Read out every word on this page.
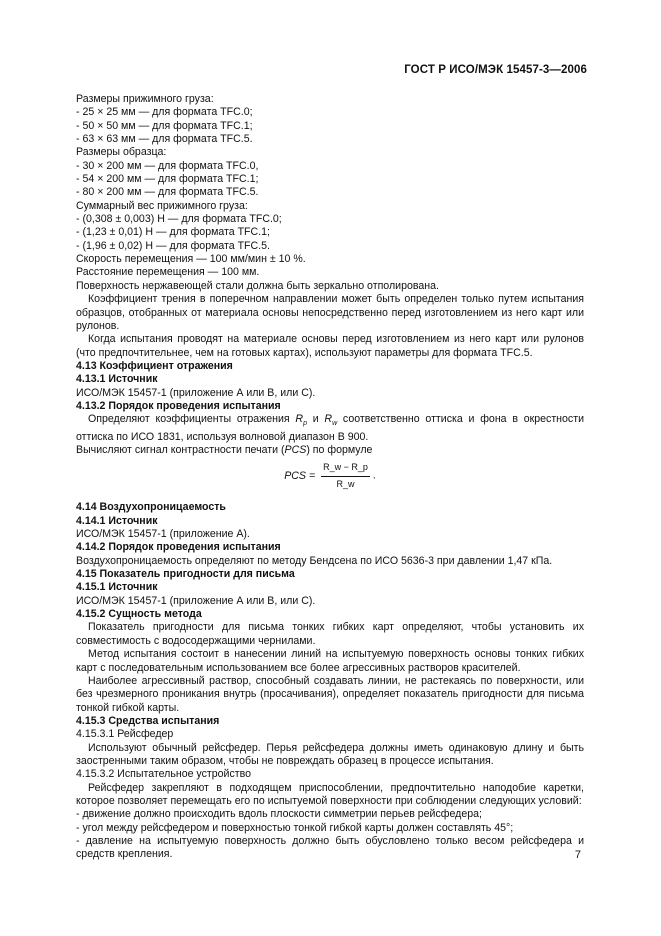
ГОСТ Р ИСО/МЭК 15457-3—2006

Размеры прижимного груза:

- 25 × 25 мм — для формата TFC.0;

- 50 × 50 мм — для формата TFC.1;

- 63 × 63 мм — для формата TFC.5.

Размеры образца:

- 30 × 200 мм — для формата TFC.0,

- 54 × 200 мм — для формата TFC.1;

- 80 × 200 мм — для формата TFC.5.

Суммарный вес прижимного груза:

- (0,308 ± 0,003) Н — для формата TFC.0;

- (1,23 ± 0,01) Н — для формата TFC.1;

- (1,96 ± 0,02) Н — для формата TFC.5.

Скорость перемещения — 100 мм/мин ± 10 %.

Расстояние перемещения — 100 мм.

Поверхность нержавеющей стали должна быть зеркально отполирована.

Коэффициент трения в поперечном направлении может быть определен только путем испытания образцов, отобранных от материала основы непосредственно перед изготовлением из него карт или рулонов.

Когда испытания проводят на материале основы перед изготовлением из него карт или рулонов (что предпочтительнее, чем на готовых картах), используют параметры для формата TFC.5.

4.13 Коэффициент отражения

4.13.1 Источник

ИСО/МЭК 15457-1 (приложение А или В, или С).

4.13.2 Порядок проведения испытания

Определяют коэффициенты отражения $R_p$ и $R_w$ соответственно оттиска и фона в окрестности оттиска по ИСО 1831, используя волновой диапазон В 900.

Вычисляют сигнал контрастности печати (PCS) по формуле

PCS = $\frac{R\_w - R\_p}{R\_w}$ .

4.14 Воздухопроницаемость

4.14.1 Источник

ИСО/МЭК 15457-1 (приложение А).

4.14.2 Порядок проведения испытания

Воздухопроницаемость определяют по методу Бендсена по ИСО 5636-3 при давлении 1,47 кПа.

4.15 Показатель пригодности для письма

4.15.1 Источник

ИСО/МЭК 15457-1 (приложение А или В, или С).

4.15.2 Сущность метода

Показатель пригодности для письма тонких гибких карт определяют, чтобы установить их совместимость с водосодержащими чернилами.

Метод испытания состоит в нанесении линий на испытуемую поверхность основы тонких гибких карт с последовательным использованием все более агрессивных растворов красителей.

Наиболее агрессивный раствор, способный создавать линии, не растекаясь по поверхности, или без чрезмерного проникания внутрь (просачивания), определяет показатель пригодности для письма тонкой гибкой карты.

4.15.3 Средства испытания

4.15.3.1 Рейсфедер

Используют обычный рейсфедер. Перья рейсфедера должны иметь одинаковую длину и быть заостренными таким образом, чтобы не повреждать образец в процессе испытания.

4.15.3.2 Испытательное устройство

Рейсфедер закрепляют в подходящем приспособлении, предпочтительно наподобие каретки, которое позволяет перемещать его по испытуемой поверхности при соблюдении следующих условий:

- движение должно происходить вдоль плоскости симметрии перьев рейсфедера;

- угол между рейсфедером и поверхностью тонкой гибкой карты должен составлять 45°;

- давление на испытуемую поверхность должно быть обусловлено только весом рейсфедера и средств крепления.	7
